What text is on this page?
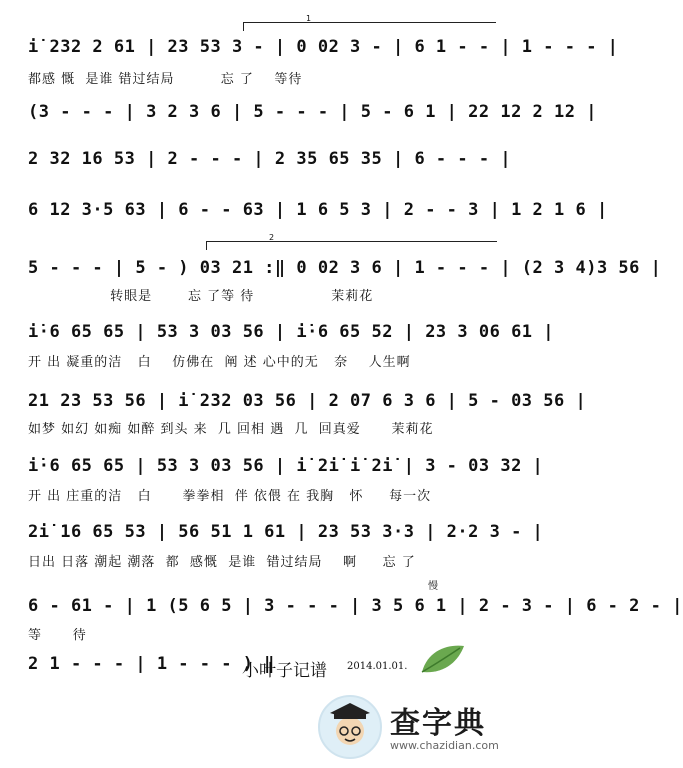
1
i̇ 232 2 61 | 23 53 3 - | 0 02 3 - | 6 1 - - | 1 - - - |
都感 慨  是谁 错过结局         忘 了    等待
(3 - - - | 3 2 3 6 | 5 - - - | 5 - 6 1 | 22 12 2 12 |
2 32 16 53 | 2 - - - | 2 35 65 35 | 6 - - - |
6 12 3·5 63 | 6 - - 63 | 1 6 5 3 | 2 - - 3 | 1 2 1 6 |
2
5 - - - | 5 - ) 03 21 :‖ 0 02 3 6 | 1 - - - | (2 3 4)3 56 |
转眼是       忘 了等 待               茉莉花
i̇·6 65 65 | 53 3 03 56 | i̇·6 65 52 | 23 3 06 61 |
开 出 凝重的洁   白    仿佛在  阐 述 心中的无   奈    人生啊
21 23 53 56 | i̇ 232 03 56 | 2 07 6 3 6 | 5 - 03 56 |
如梦 如幻 如痴 如醉 到头 来  几 回相 遇  几  回真爱      茉莉花
i̇·6 65 65 | 53 3 03 56 | i̇ 2i̇ i̇ 2i̇ | 3 - 03 32 |
开 出 庄重的洁   白      拳拳相  伴 依偎 在 我胸   怀     每一次
2i̇ 16 65 53 | 56 51 1 61 | 23 53 3·3 | 2·2 3 - |
日出 日落 潮起 潮落  都  感慨  是谁  错过结局    啊     忘 了
慢
6 - 61 - | 1 (5 6 5 | 3 - - - | 3 5 6 1 | 2 - 3 - | 6 - 2 - |
等      待
2 1 - - - | 1 - - - ) ‖
小叶子记谱 2014.01.01.
查字典
www.chazidian.com
